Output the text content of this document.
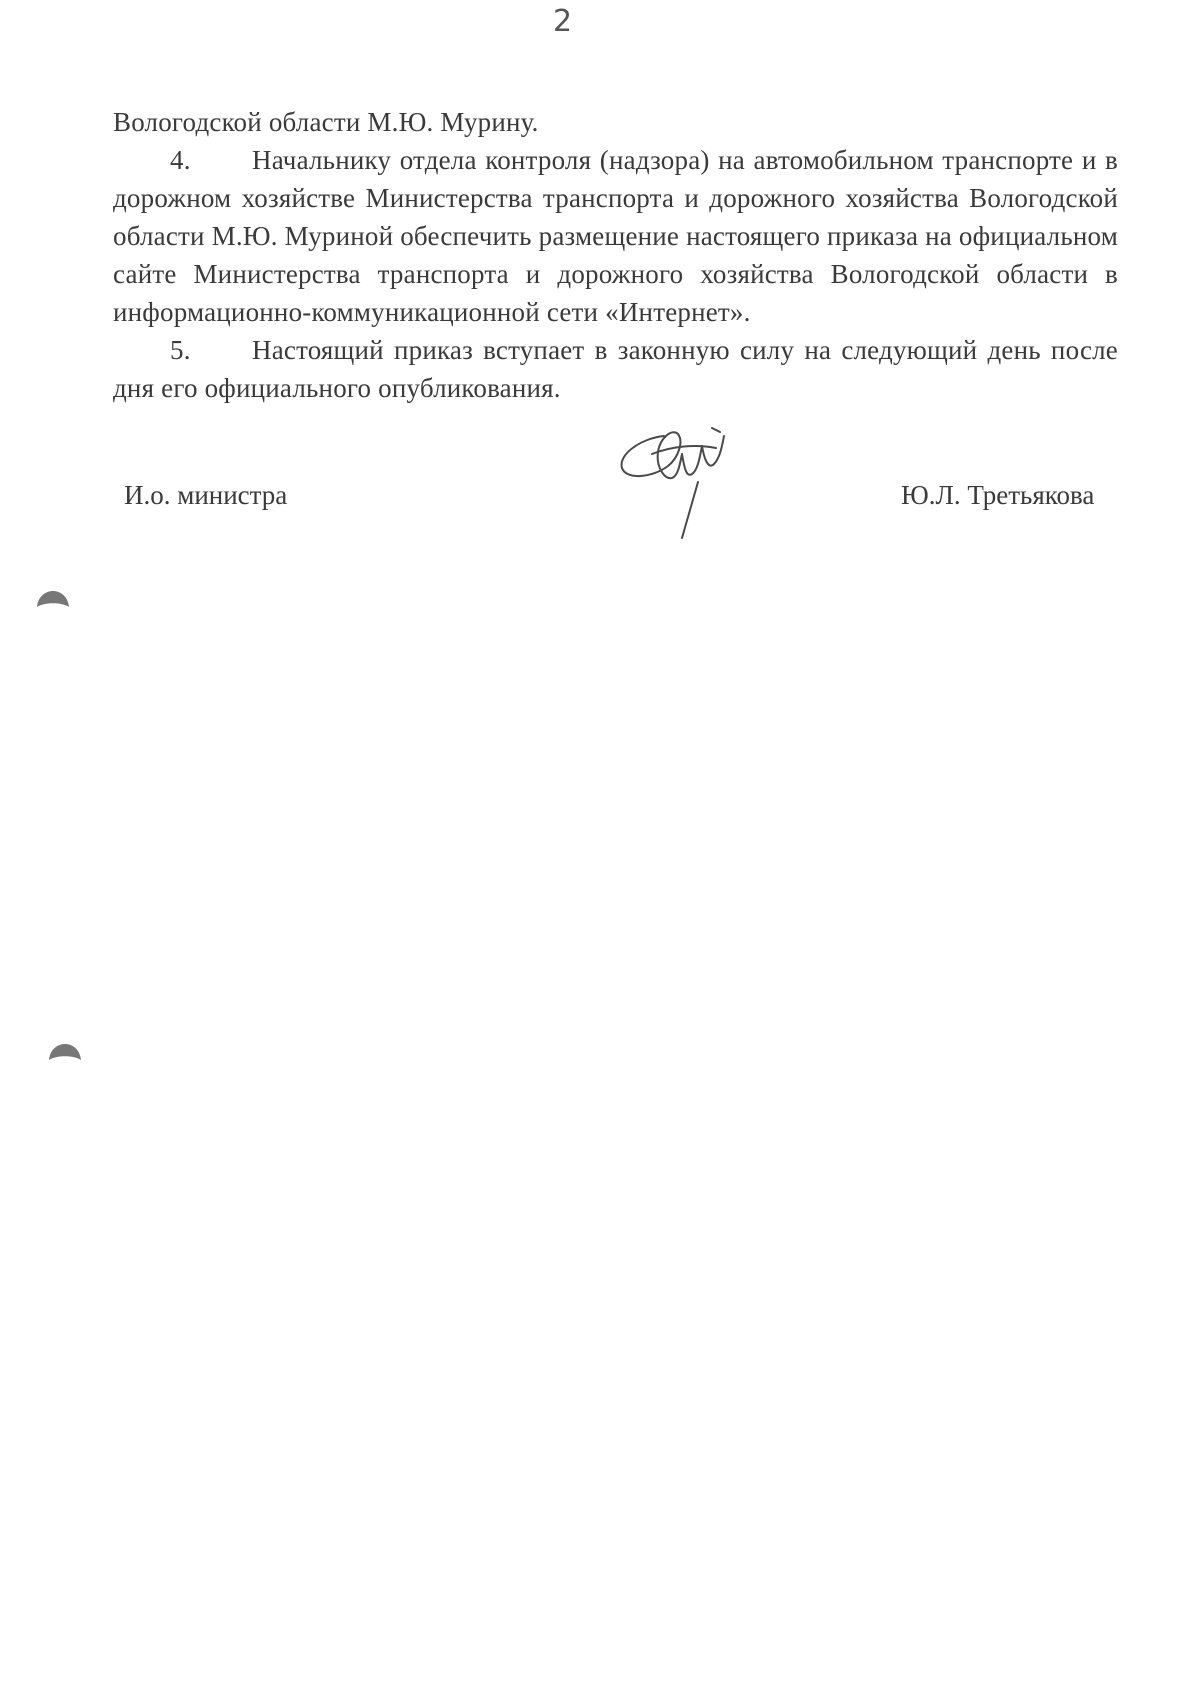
2

Вологодской области М.Ю. Мурину.

4. Начальнику отдела контроля (надзора) на автомобильном транспорте и в дорожном хозяйстве Министерства транспорта и дорожного хозяйства Вологодской области М.Ю. Муриной обеспечить размещение настоящего приказа на официальном сайте Министерства транспорта и дорожного хозяйства Вологодской области в информационно-коммуникационной сети «Интернет».

5. Настоящий приказ вступает в законную силу на следующий день после дня его официального опубликования.

И.о. министра	Ю.Л. Третьякова
